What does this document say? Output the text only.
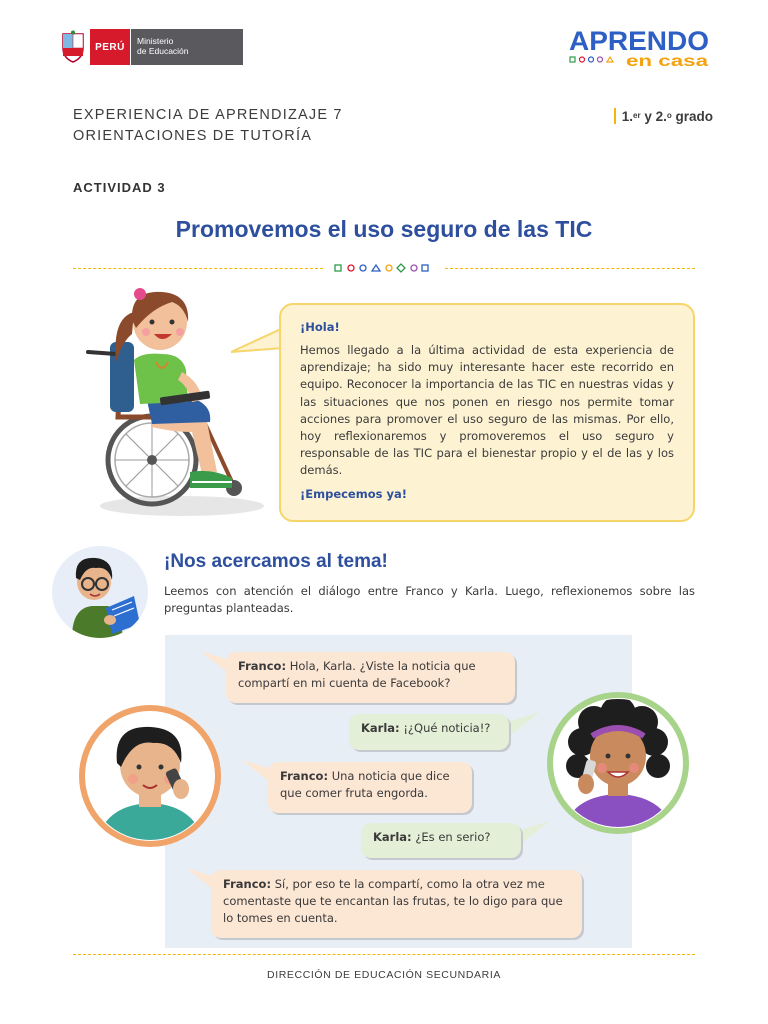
PERÚ
Ministerio
de Educación	APRENDO
en casa
EXPERIENCIA DE APRENDIZAJE 7
ORIENTACIONES DE TUTORÍA
1.$^{er}$ y 2.$^o$ grado
ACTIVIDAD 3
Promovemos el uso seguro de las TIC
¡Hola!
Hemos llegado a la última actividad de esta experiencia de aprendizaje; ha sido muy interesante hacer este recorrido en equipo. Reconocer la importancia de las TIC en nuestras vidas y las situaciones que nos ponen en riesgo nos permite tomar acciones para promover el uso seguro de las mismas. Por ello, hoy reflexionaremos y promoveremos el uso seguro y responsable de las TIC para el bienestar propio y el de las y los demás.
¡Empecemos ya!
¡Nos acercamos al tema!
Leemos con atención el diálogo entre Franco y Karla. Luego, reflexionemos sobre las preguntas planteadas.
Franco: Hola, Karla. ¿Viste la noticia que compartí en mi cuenta de Facebook?
Karla: ¡¿Qué noticia!?
Franco: Una noticia que dice que comer fruta engorda.
Karla: ¿Es en serio?
Franco: Sí, por eso te la compartí, como la otra vez me comentaste que te encantan las frutas, te lo digo para que lo tomes en cuenta.
DIRECCIÓN DE EDUCACIÓN SECUNDARIA
